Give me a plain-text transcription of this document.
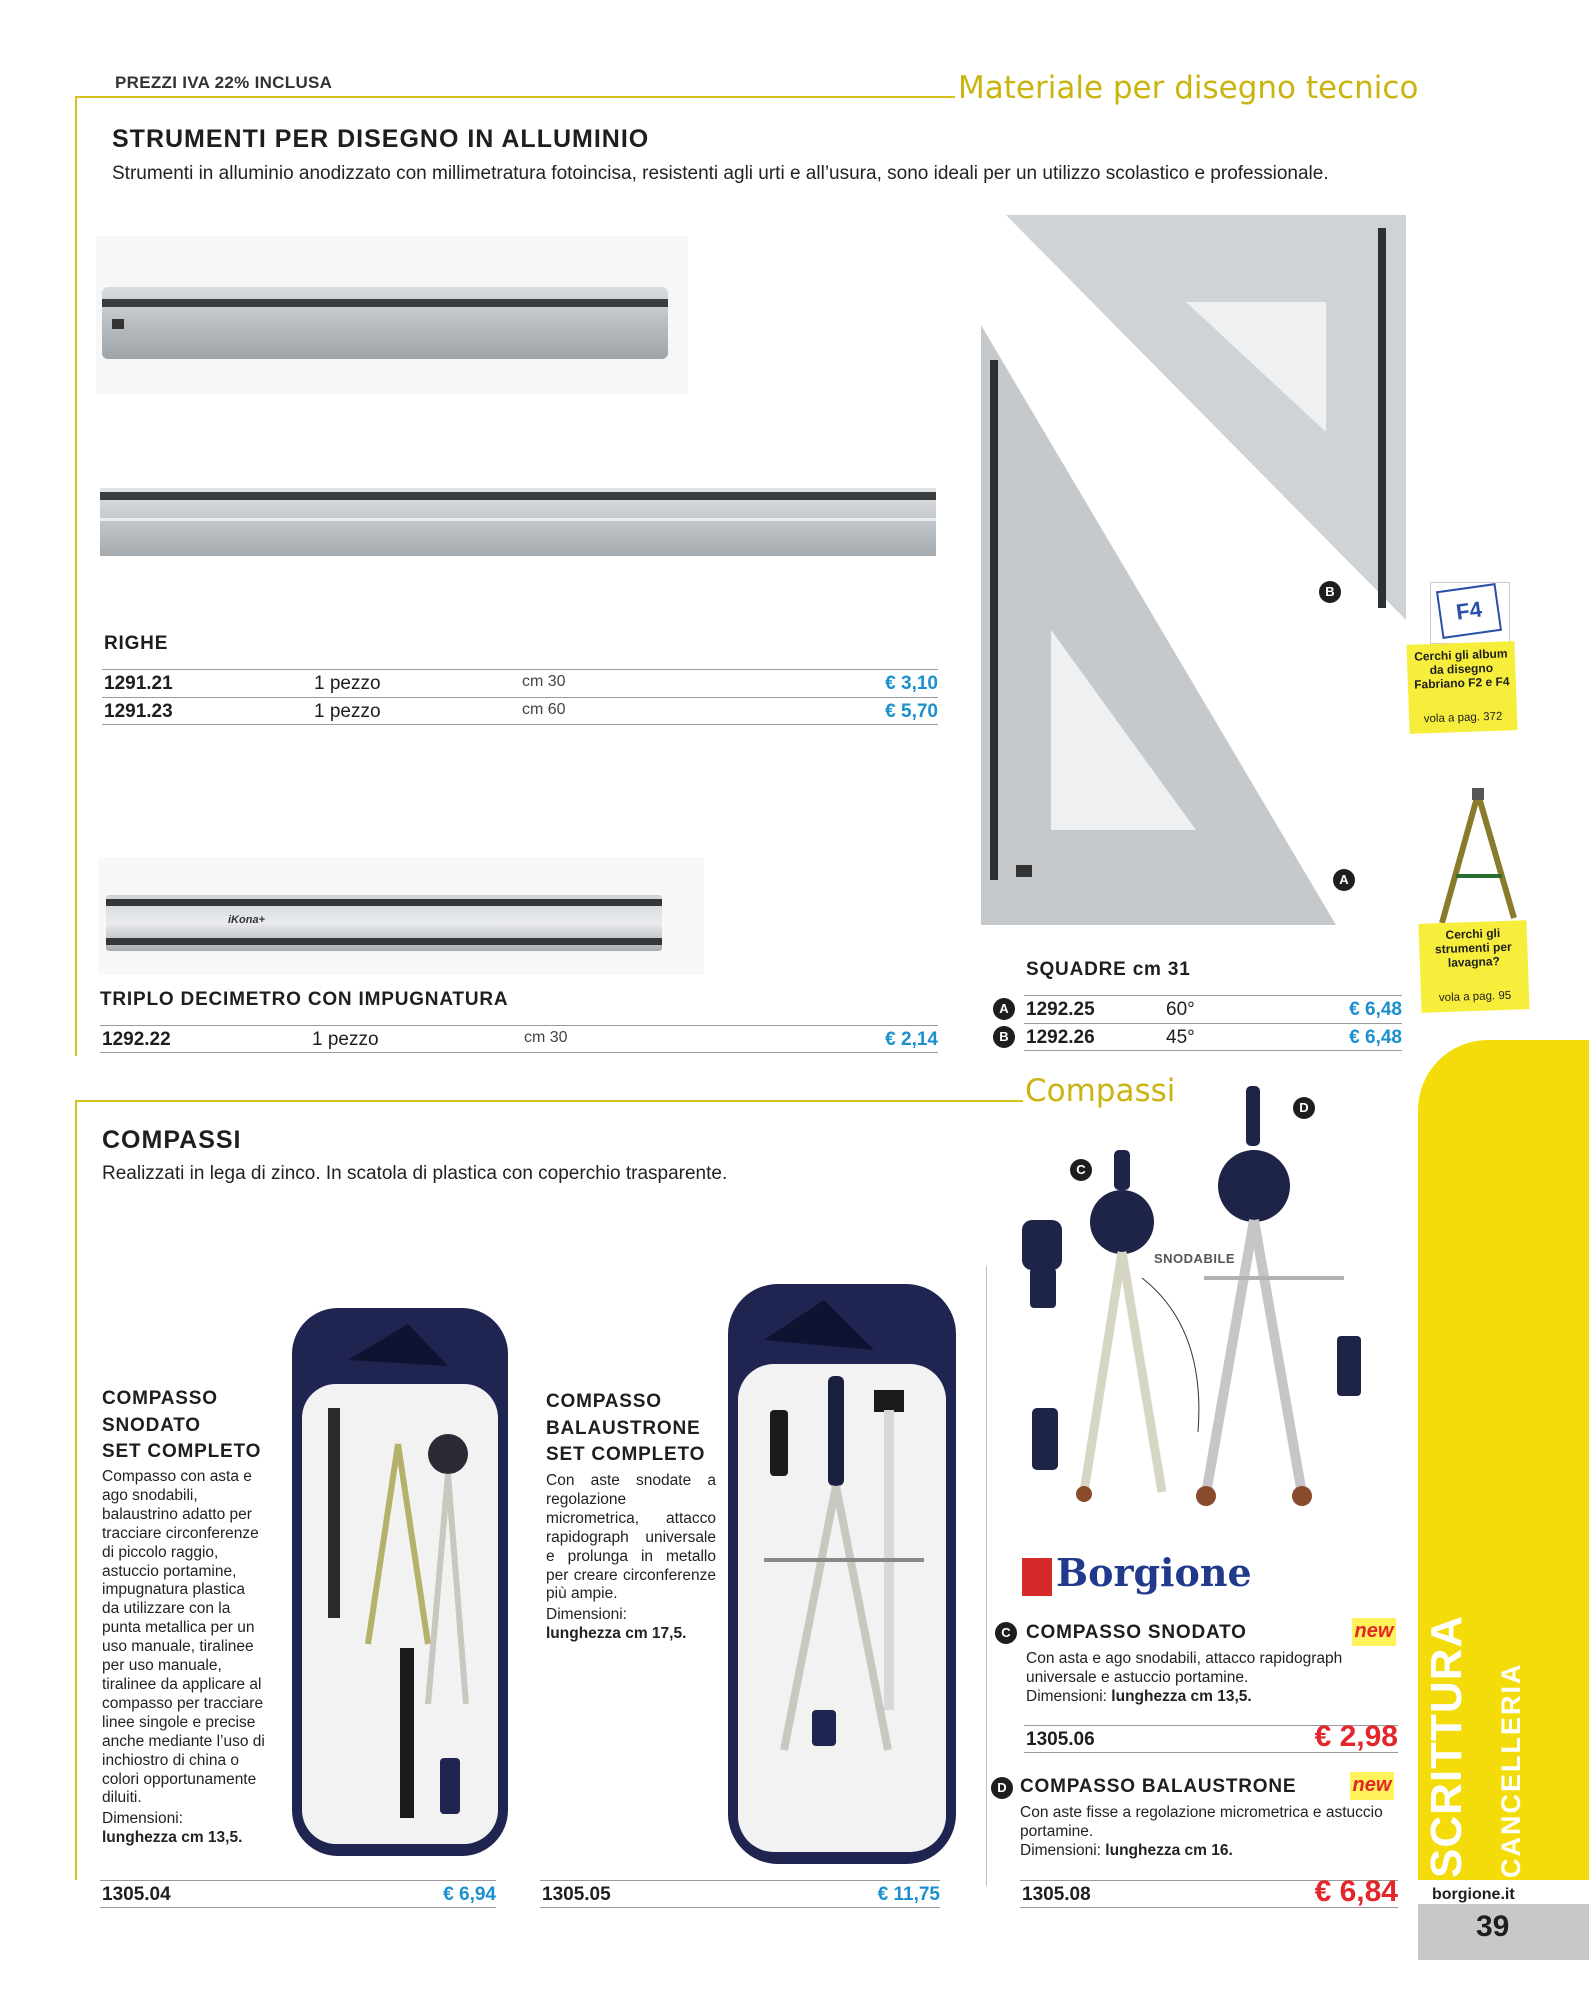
PREZZI IVA 22% INCLUSA	Materiale per disegno tecnico
STRUMENTI PER DISEGNO IN ALLUMINIO
Strumenti in alluminio anodizzato con millimetratura fotoincisa, resistenti agli urti e all’usura, sono ideali per un utilizzo scolastico e professionale.
RIGHE
1291.21	1 pezzo	cm 30	€ 3,10
1291.23	1 pezzo	cm 60	€ 5,70
iKona+
TRIPLO DECIMETRO CON IMPUGNATURA
1292.22	1 pezzo	cm 30	€ 2,14
B
A
SQUADRE cm 31
A 1292.25	60°	€ 6,48
B 1292.26	45°	€ 6,48
F4
Cerchi gli album da disegno Fabriano F2 e F4
vola a pag. 372
Cerchi gli strumenti per lavagna?
vola a pag. 95
Compassi
COMPASSI
Realizzati in lega di zinco. In scatola di plastica con coperchio trasparente.
COMPASSO
SNODATO
SET COMPLETO
Compasso con asta e ago snodabili, balaustrino adatto per tracciare circonferenze di piccolo raggio, astuccio portamine, impugnatura plastica da utilizzare con la punta metallica per un uso manuale, tiralinee per uso manuale, tiralinee da applicare al compasso per tracciare linee singole e precise anche mediante l’uso di inchiostro di china o colori opportunamente diluiti.
Dimensioni:
lunghezza cm 13,5.
1305.04	€ 6,94
COMPASSO
BALAUSTRONE
SET COMPLETO
Con aste snodate a regolazione micrometrica, attacco rapidograph universale e prolunga in metallo per creare circonferenze più ampie.
Dimensioni:
lunghezza cm 17,5.
1305.05	€ 11,75
SNODABILE
C
D
Borgione
C COMPASSO SNODATO	new
Con asta e ago snodabili, attacco rapidograph universale e astuccio portamine.
Dimensioni: lunghezza cm 13,5.
1305.06	€ 2,98
D COMPASSO BALAUSTRONE	new
Con aste fisse a regolazione micrometrica e astuccio portamine.
Dimensioni: lunghezza cm 16.
1305.08	€ 6,84
SCRITTURA CANCELLERIA
borgione.it
39
